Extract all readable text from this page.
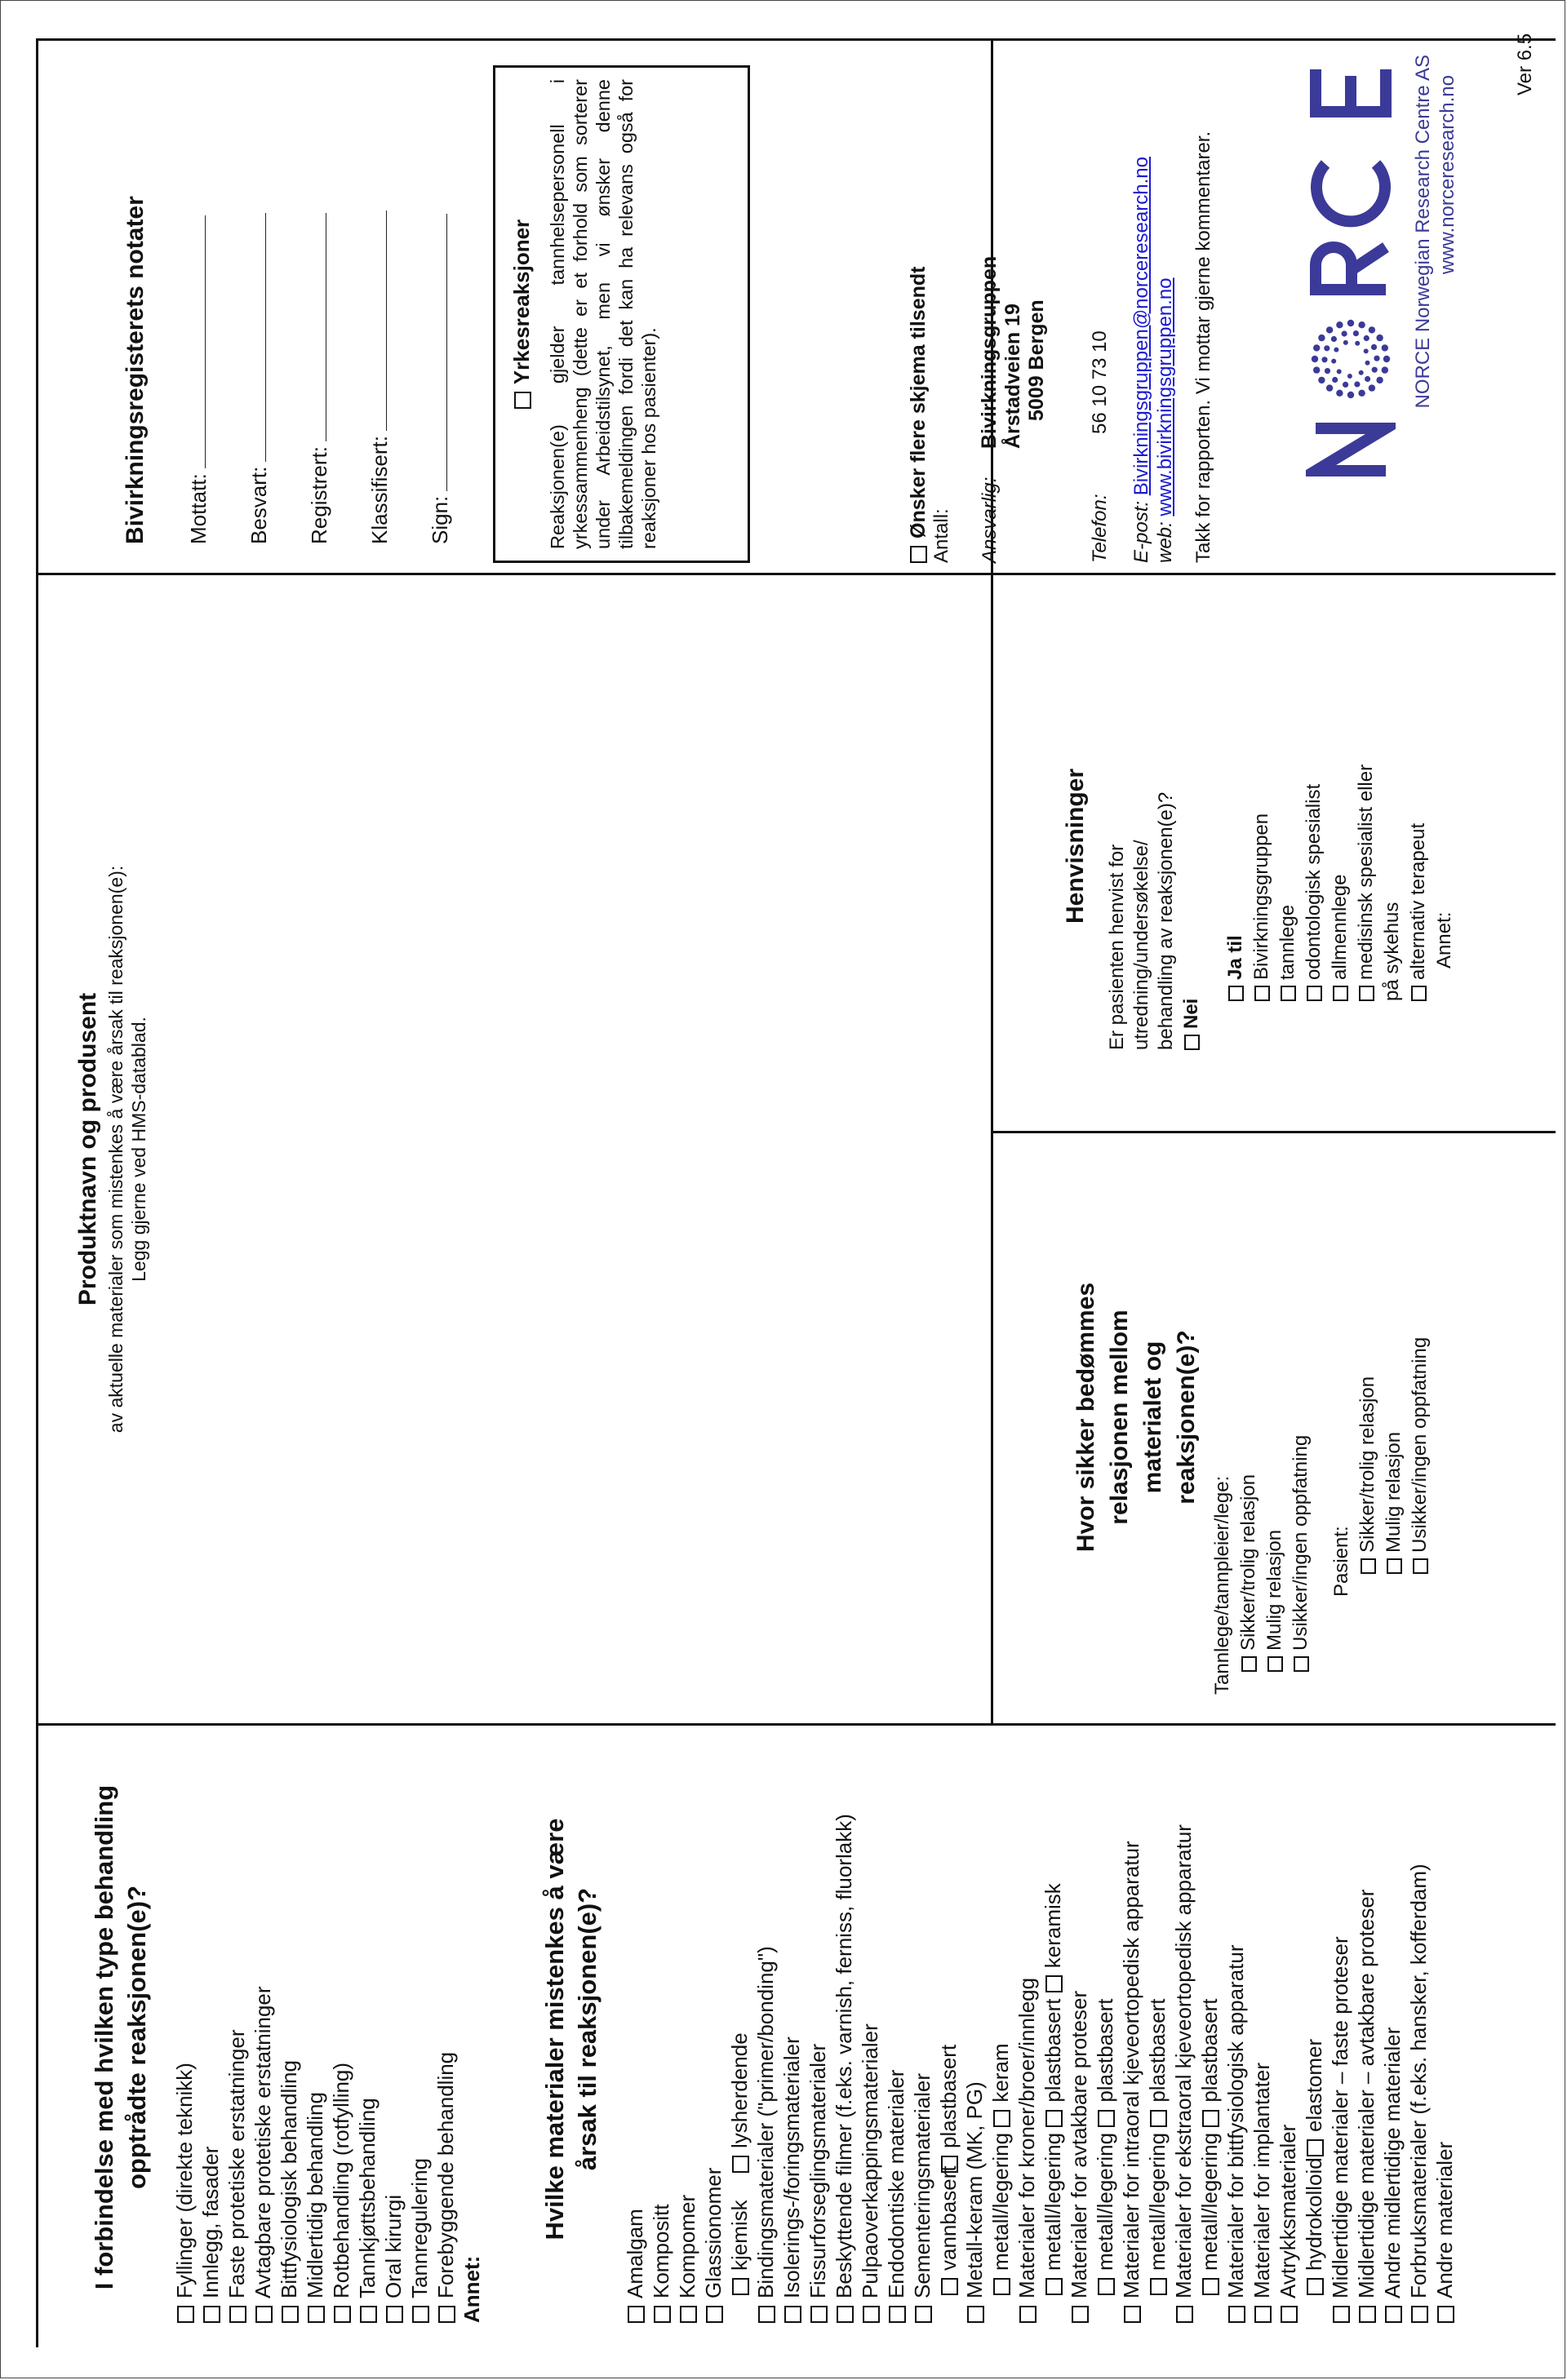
I forbindelse med hvilken type behandling opptrådte reaksjonen(e)? Fyllinger (direkte teknikk) Innlegg, fasader Faste protetiske erstatninger Avtagbare protetiske erstatninger Bittfysiologisk behandling Midlertidig behandling Rotbehandling (rotfylling) Tannkjøttsbehandling Oral kirurgi Tannregulering Forebyggende behandling Annet:
Hvilke materialer mistenkes å være årsak til reaksjonen(e)?
Amalgam Kompositt Kompomer Glassionomer kjemisklysherdende Bindingsmaterialer ("primer/bonding") Isolerings-/foringsmaterialer Fissurforseglingsmaterialer Beskyttende filmer (f.eks. varnish, ferniss, fluorlakk) Pulpaoverkappingsmaterialer Endodontiske materialer Sementeringsmaterialer vannbasertplastbasert Metall-keram (MK, PG) metall/legering keram Materialer for kroner/broer/innlegg metall/legering plastbasert keramisk
Materialer for avtakbare proteser metall/legering plastbasert Materialer for intraoral kjeveortopedisk apparatur metall/legering plastbasert Materialer for ekstraoral kjeveortopedisk apparatur metall/legering plastbasert Materialer for bittfysiologisk apparatur Materialer for implantater Avtrykksmaterialer hydrokolloidelastomer Midlertidige materialer – faste proteser Midlertidige materialer – avtakbare proteser Andre midlertidige materialer Forbruksmaterialer (f.eks. hansker, kofferdam) Andre materialer
Produktnavn og produsent av aktuelle materialer som mistenkes å være årsak til reaksjonen(e): Legg gjerne ved HMS-datablad.
Hvor sikker bedømmes relasjonen mellom materialet og reaksjonen(e)?
Tannlege/tannpleier/lege: Sikker/trolig relasjon Mulig relasjon Usikker/ingen oppfatning Pasient:
Sikker/trolig relasjon Mulig relasjon Usikker/ingen oppfatning
Henvisninger Er pasienten henvist for utredning/undersøkelse/ behandling av reaksjonen(e)? Nei
Ja til Bivirkningsgruppen tannlege odontologisk spesialist allmennlege medisinsk spesialist eller på sykehus alternativ terapeut Annet:
Bivirkningsregisterets notater	Mottatt:	Besvart:	Registrert:	Klassifisert:	Sign:
Yrkesreaksjoner Reaksjonen(e) gjelder tannhelsepersonell i yrkessammenheng (dette er et forhold som sorterer under Arbeidstilsynet, men vi ønsker denne tilbakemeldingen fordi det kan ha relevans også for reaksjoner hos pasienter).	Ønsker flere skjema tilsendt Antall: Ansvarlig:
Bivirkningsgruppen Årstadveien 19 5009 Bergen
Telefon:
56 10 73 10
E-post: Bivirkningsgruppen@norceresearch.no
web: www.bivirkningsgruppen.no Takk for rapporten. Vi mottar gjerne kommentarer.	NORCE Norwegian Research Centre AS www.norceresearch.no
Ver 6.5
